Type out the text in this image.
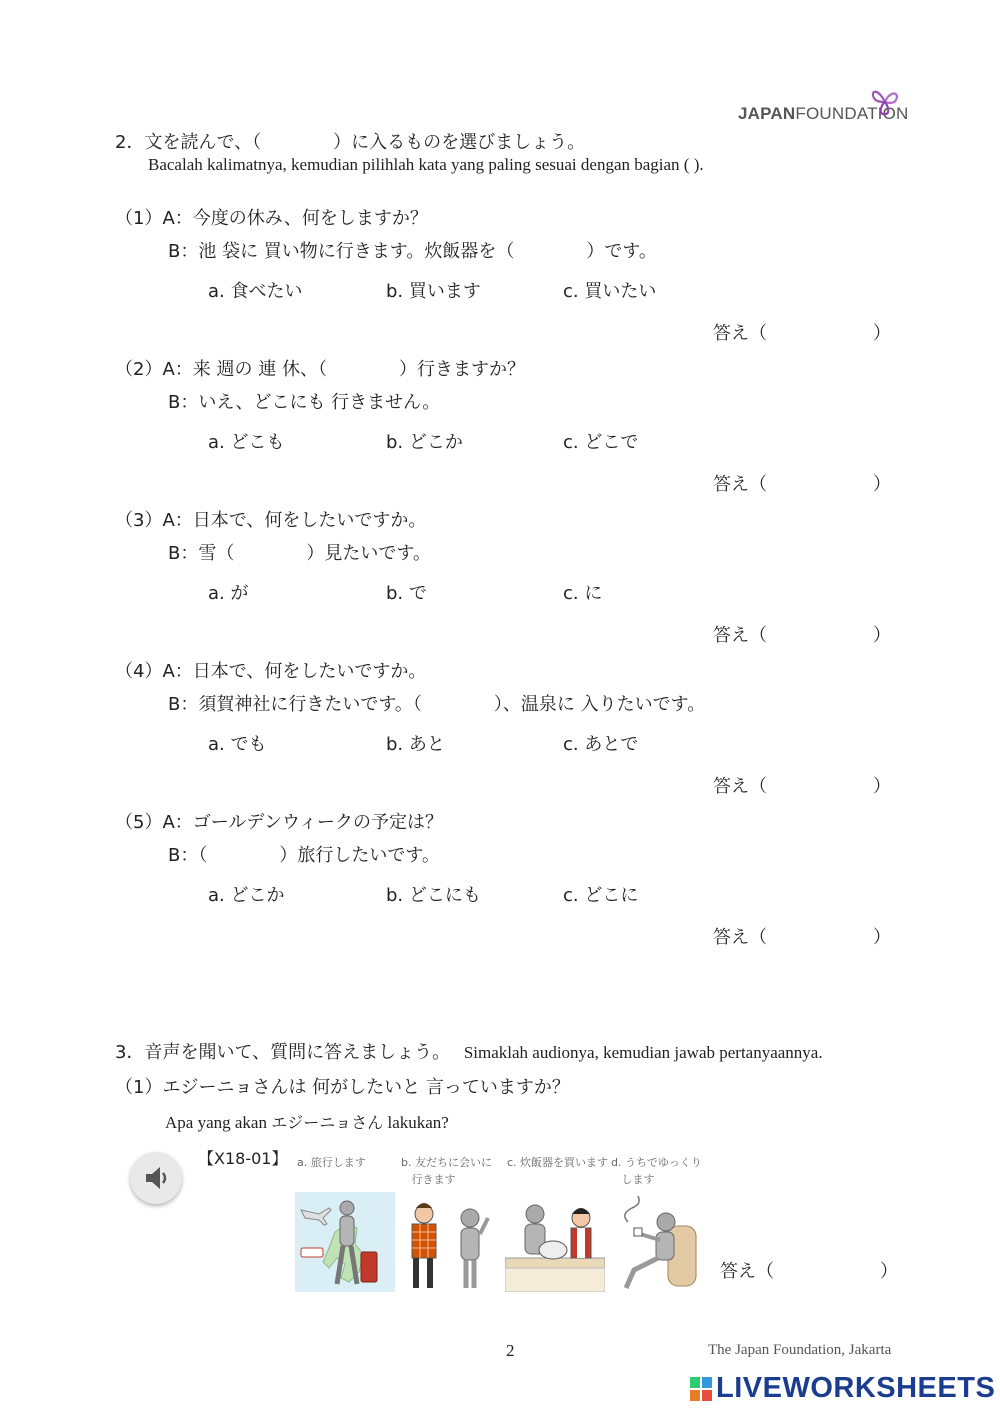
JAPANFOUNDATION
2．文を読んで、（　　　　）に入るものを選びましょう。
Bacalah kalimatnya, kemudian pilihlah kata yang paling sesuai dengan bagian ( ).
（1）A：今度の休み、何をしますか？
B：池 袋に 買い物に行きます。炊飯器を（　　　　）です。
a. 食べたい	b. 買います	c. 買いたい
答え（	）
（2）A：来 週の 連 休、（　　　　）行きますか？
B：いえ、どこにも 行きません。
a. どこも	b. どこか	c. どこで
答え（	）
（3）A：日本で、何をしたいですか。
B：雪（　　　　）見たいです。
a. が	b. で	c. に
答え（	）
（4）A：日本で、何をしたいですか。
B：須賀神社に行きたいです。（　　　　）、温泉に 入りたいです。
a. でも	b. あと	c. あとで
答え（	）
（5）A：ゴールデンウィークの予定は？
B：（　　　　）旅行したいです。
a. どこか	b. どこにも	c. どこに
答え（	）
3．音声を聞いて、質問に答えましょう。 Simaklah audionya, kemudian jawab pertanyaannya.
（1）エジーニョさんは 何がしたいと 言っていますか？
Apa yang akan エジーニョさん lakukan?
【X18-01】 a. 旅行します	b. 友だちに会いに
行きます
c. 炊飯器を買います d. うちでゆっくり
します
答え（	）
2	The Japan Foundation, Jakarta
LIVEWORKSHEETS
